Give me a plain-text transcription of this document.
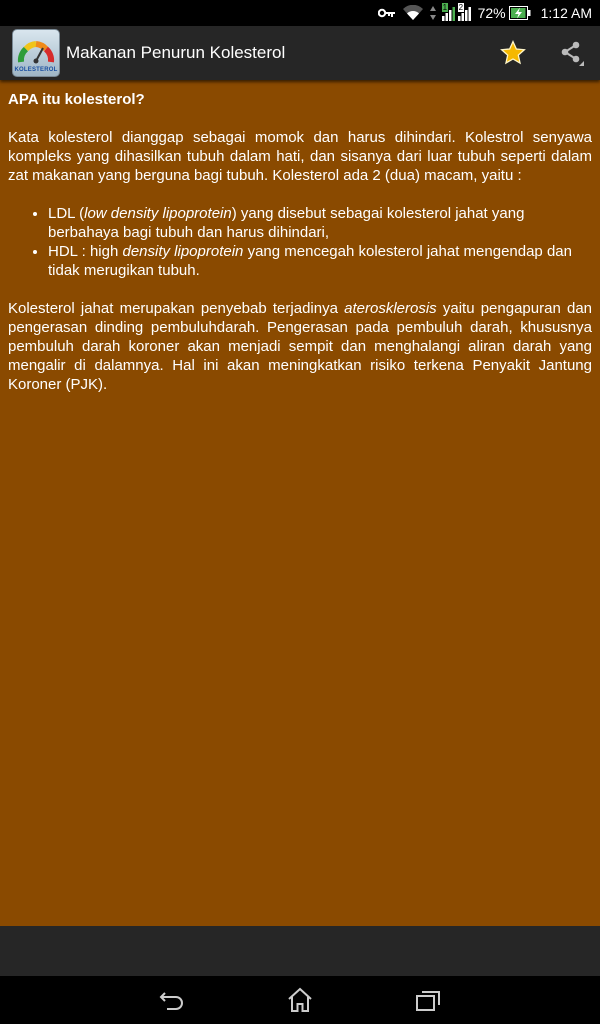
1 2 72%	1:12 AM
KOLESTEROL
Makanan Penurun Kolesterol
APA itu kolesterol?

Kata kolesterol dianggap sebagai momok dan harus dihindari. Kolestrol senyawa kompleks yang dihasilkan tubuh dalam hati, dan sisanya dari luar tubuh seperti dalam zat makanan yang berguna bagi tubuh. Kolesterol ada 2 (dua) macam, yaitu :

• LDL (low density lipoprotein) yang disebut sebagai kolesterol jahat yang berbahaya bagi tubuh dan harus dihindari,
• HDL : high density lipoprotein yang mencegah kolesterol jahat mengendap dan tidak merugikan tubuh.

Kolesterol jahat merupakan penyebab terjadinya aterosklerosis yaitu pengapuran dan pengerasan dinding pembuluhdarah. Pengerasan pada pembuluh darah, khususnya pembuluh darah koroner akan menjadi sempit dan menghalangi aliran darah yang mengalir di dalamnya. Hal ini akan meningkatkan risiko terkena Penyakit Jantung Koroner (PJK).
